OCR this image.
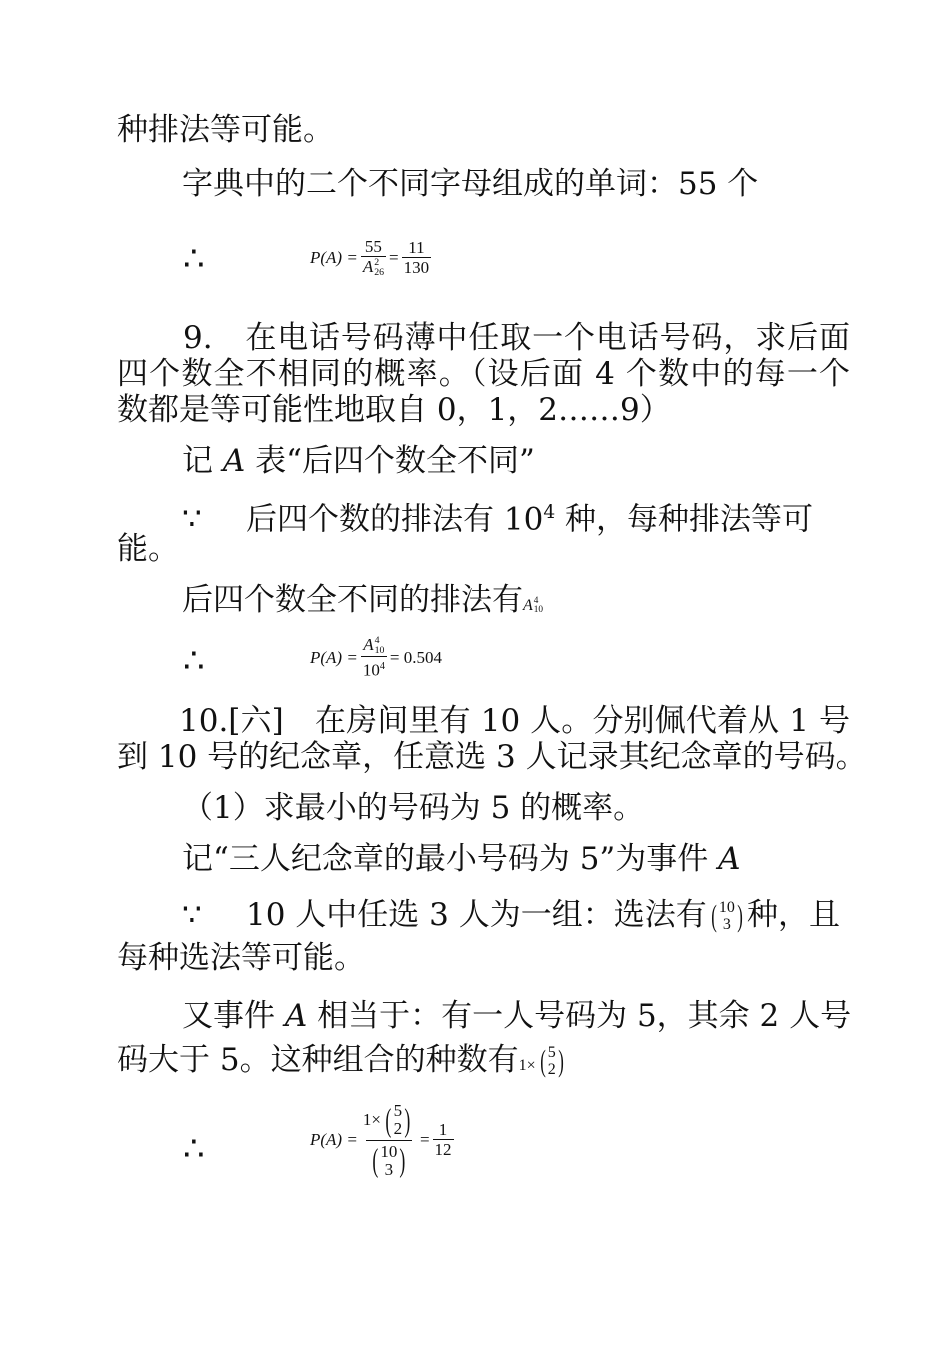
种排法等可能。
字典中的二个不同字母组成的单词：55 个
∴	P(A) = 55
A 2
$26 = \frac{11}{130}$
9.　在电话号码薄中任取一个电话号码，求后面
四个数全不相同的概率。（设后面 4 个数中的每一个
数都是等可能性地取自 0，1，2……9）
记 A 表“后四个数全不同”
∵ 后四个数的排法有 $10^4$ 种，每种排法等可
能。
后四个数全不同的排法有A 4
10
∴	P(A) = A 4
10
$10^4 = 0.504$
10.[六]　在房间里有 10 人。分别佩代着从 1 号
到 10 号的纪念章，任意选 3 人记录其纪念章的号码。
（1）求最小的号码为 5 的概率。
记“三人纪念章的最小号码为 5”为事件 A
∵ 10 人中任选 3 人为一组：选法有 ( 10
3 ) 种，且
每种选法等可能。
又事件 A 相当于：有一人号码为 5，其余 2 人号
码大于 5。这种组合的种数有1× ( 5
2 )
∴	P(A) = 1× ( 5
2 )
( 10
3 ) = $\frac{1}{12}$
